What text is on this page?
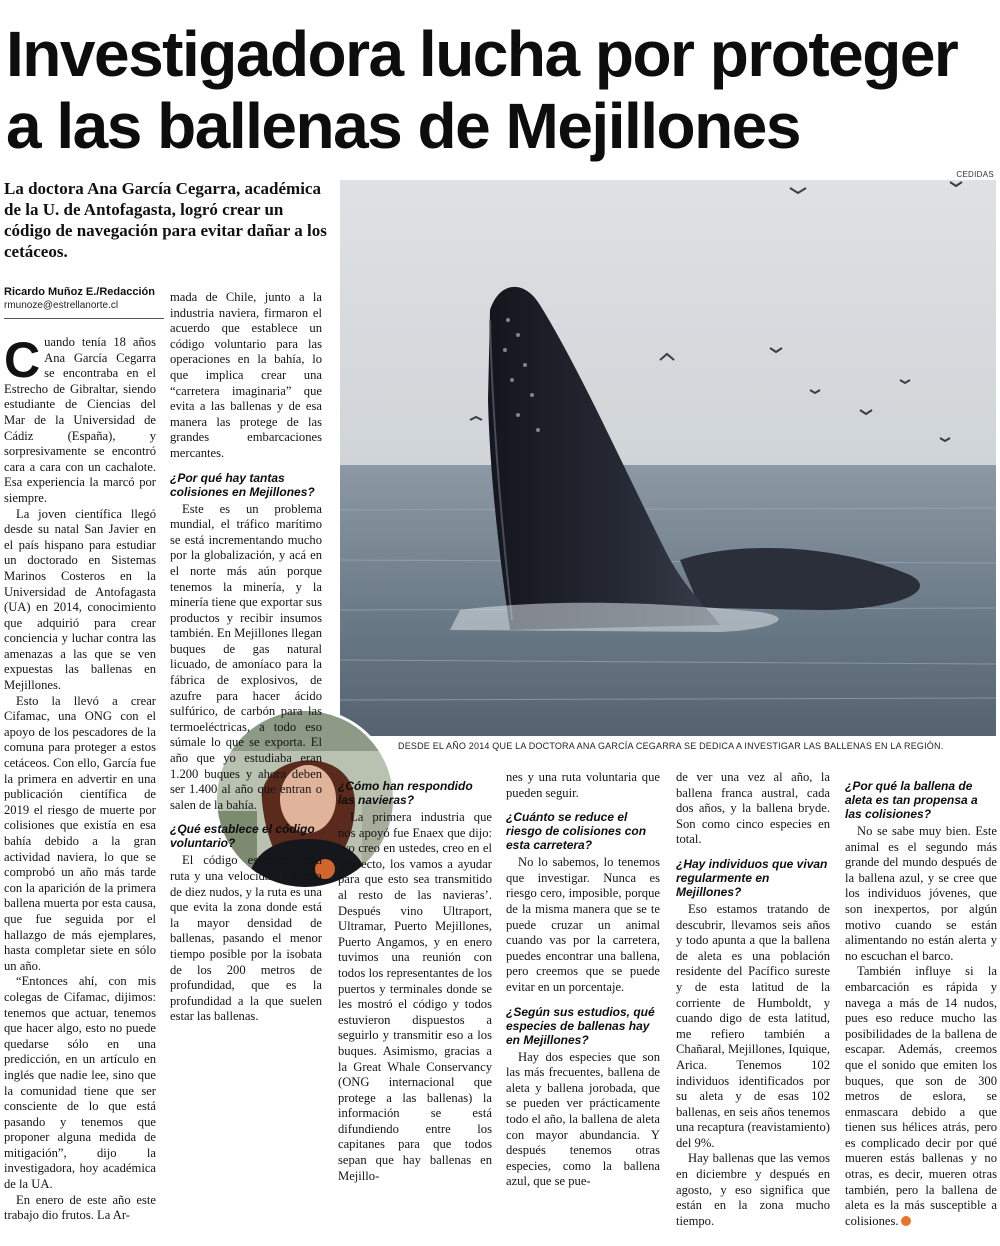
Investigadora lucha por proteger a las ballenas de Mejillones
CEDIDAS

La doctora Ana García Cegarra, académica de la U. de Antofagasta, logró crear un código de navegación para evitar dañar a los cetáceos.

Ricardo Muñoz E./Redacción
rmunoze@estrellanorte.cl

DESDE EL AÑO 2014 QUE LA DOCTORA ANA GARCÍA CEGARRA SE DEDICA A INVESTIGAR LAS BALLENAS EN LA REGIÓN.

Cuando tenía 18 años Ana García Cegarra se encontraba en el Estrecho de Gibraltar, siendo estudiante de Ciencias del Mar de la Universidad de Cádiz (España), y sorpresivamente se encontró cara a cara con un cachalote. Esa experiencia la marcó por siempre.

La joven científica llegó desde su natal San Javier en el país hispano para estudiar un doctorado en Sistemas Marinos Costeros en la Universidad de Antofagasta (UA) en 2014, conocimiento que adquirió para crear conciencia y luchar contra las amenazas a las que se ven expuestas las ballenas en Mejillones.

Esto la llevó a crear Cifamac, una ONG con el apoyo de los pescadores de la comuna para proteger a estos cetáceos. Con ello, García fue la primera en advertir en una publicación científica de 2019 el riesgo de muerte por colisiones que existía en esa bahía debido a la gran actividad naviera, lo que se comprobó un año más tarde con la aparición de la primera ballena muerta por esta causa, que fue seguida por el hallazgo de más ejemplares, hasta completar siete en sólo un año.

“Entonces ahí, con mis colegas de Cifamac, dijimos: tenemos que actuar, tenemos que hacer algo, esto no puede quedarse sólo en una predicción, en un artículo en inglés que nadie lee, sino que la comunidad tiene que ser consciente de lo que está pasando y tenemos que proponer alguna medida de mitigación”, dijo la investigadora, hoy académica de la UA.

En enero de este año este trabajo dio frutos. La Ar-

mada de Chile, junto a la industria naviera, firmaron el acuerdo que establece un código voluntario para las operaciones en la bahía, lo que implica crear una “carretera imaginaria” que evita a las ballenas y de esa manera las protege de las grandes embarcaciones mercantes.

¿Por qué hay tantas colisiones en Mejillones?

Este es un problema mundial, el tráfico marítimo se está incrementando mucho por la globalización, y acá en el norte más aún porque tenemos la minería, y la minería tiene que exportar sus productos y recibir insumos también. En Mejillones llegan buques de gas natural licuado, de amoníaco para la fábrica de explosivos, de azufre para hacer ácido sulfúrico, de carbón para las termoeléctricas, a todo eso súmale lo que se exporta. El año que yo estudiaba eran 1.200 buques y ahora deben ser 1.400 al año que entran o salen de la bahía.

¿Qué establece el código voluntario?

El código establece una ruta y una velocidad máxima de diez nudos, y la ruta es una que evita la zona donde está la mayor densidad de ballenas, pasando el menor tiempo posible por la isobata de los 200 metros de profundidad, que es la profundidad a la que suelen estar las ballenas.

¿Cómo han respondido las navieras?

La primera industria que nos apoyó fue Enaex que dijo: ‘yo creo en ustedes, creo en el proyecto, los vamos a ayudar para que esto sea transmitido al resto de las navieras’. Después vino Ultraport, Ultramar, Puerto Mejillones, Puerto Angamos, y en enero tuvimos una reunión con todos los representantes de los puertos y terminales donde se les mostró el código y todos estuvieron dispuestos a seguirlo y transmitir eso a los buques. Asimismo, gracias a la Great Whale Conservancy (ONG internacional que protege a las ballenas) la información se está difundiendo entre los capitanes para que todos sepan que hay ballenas en Mejillo-

nes y una ruta voluntaria que pueden seguir.

¿Cuánto se reduce el riesgo de colisiones con esta carretera?

No lo sabemos, lo tenemos que investigar. Nunca es riesgo cero, imposible, porque de la misma manera que se te puede cruzar un animal cuando vas por la carretera, puedes encontrar una ballena, pero creemos que se puede evitar en un porcentaje.

¿Según sus estudios, qué especies de ballenas hay en Mejillones?

Hay dos especies que son las más frecuentes, ballena de aleta y ballena jorobada, que se pueden ver prácticamente todo el año, la ballena de aleta con mayor abundancia. Y después tenemos otras especies, como la ballena azul, que se pue-

de ver una vez al año, la ballena franca austral, cada dos años, y la ballena bryde. Son como cinco especies en total.

¿Hay individuos que vivan regularmente en Mejillones?

Eso estamos tratando de descubrir, llevamos seis años y todo apunta a que la ballena de aleta es una población residente del Pacífico sureste y de esta latitud de la corriente de Humboldt, y cuando digo de esta latitud, me refiero también a Chañaral, Mejillones, Iquique, Arica. Tenemos 102 individuos identificados por su aleta y de esas 102 ballenas, en seis años tenemos una recaptura (reavistamiento) del 9%.

Hay ballenas que las vemos en diciembre y después en agosto, y eso significa que están en la zona mucho tiempo.

¿Por qué la ballena de aleta es tan propensa a las colisiones?

No se sabe muy bien. Este animal es el segundo más grande del mundo después de la ballena azul, y se cree que los individuos jóvenes, que son inexpertos, por algún motivo cuando se están alimentando no están alerta y no escuchan el barco.

También influye si la embarcación es rápida y navega a más de 14 nudos, pues eso reduce mucho las posibilidades de la ballena de escapar. Además, creemos que el sonido que emiten los buques, que son de 300 metros de eslora, se enmascara debido a que tienen sus hélices atrás, pero es complicado decir por qué mueren estás ballenas y no otras, es decir, mueren otras también, pero la ballena de aleta es la más susceptible a colisiones.
